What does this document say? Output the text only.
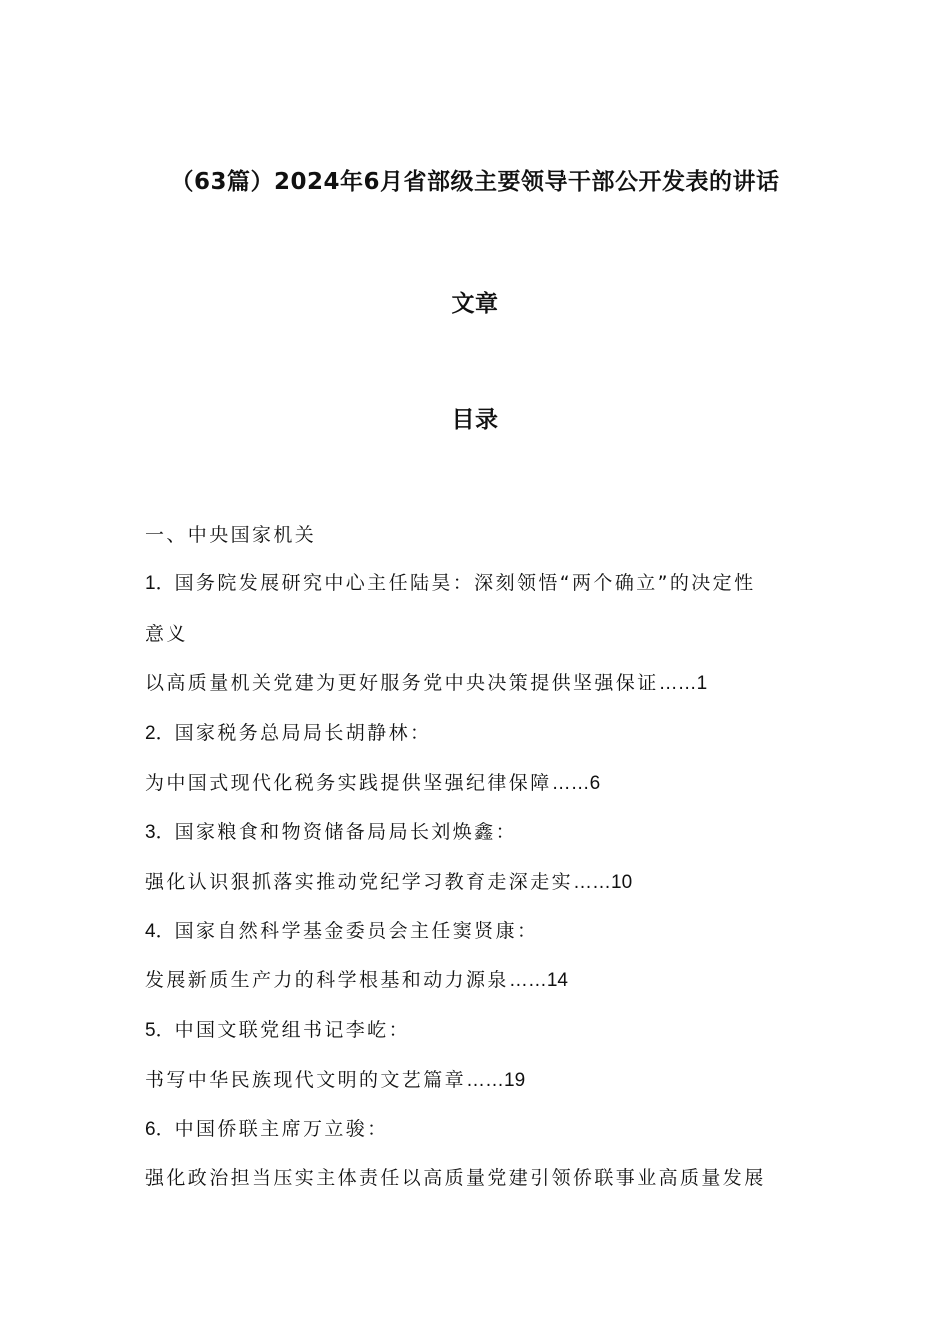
（63篇）2024年6月省部级主要领导干部公开发表的讲话
文章
目录
一、中央国家机关
1．国务院发展研究中心主任陆昊：深刻领悟“两个确立”的决定性
意义
以高质量机关党建为更好服务党中央决策提供坚强保证……1
2．国家税务总局局长胡静林：
为中国式现代化税务实践提供坚强纪律保障……6
3．国家粮食和物资储备局局长刘焕鑫：
强化认识狠抓落实推动党纪学习教育走深走实……10
4．国家自然科学基金委员会主任窦贤康：
发展新质生产力的科学根基和动力源泉……14
5．中国文联党组书记李屹：
书写中华民族现代文明的文艺篇章……19
6．中国侨联主席万立骏：
强化政治担当压实主体责任以高质量党建引领侨联事业高质量发展
